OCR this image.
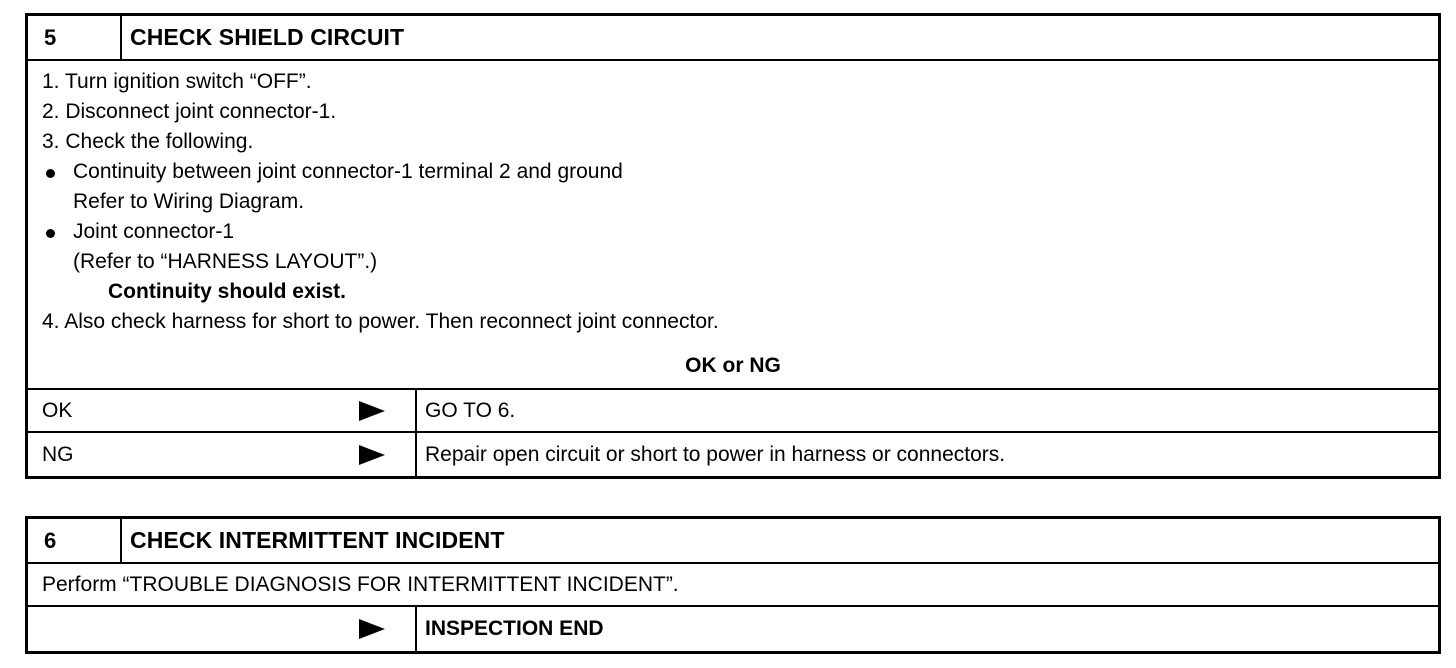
5	CHECK SHIELD CIRCUIT
1. Turn ignition switch “OFF”.
2. Disconnect joint connector-1.
3. Check the following.
Continuity between joint connector-1 terminal 2 and ground
Refer to Wiring Diagram.
Joint connector-1
(Refer to “HARNESS LAYOUT”.)
Continuity should exist.
4. Also check harness for short to power. Then reconnect joint connector.
OK or NG
OK	GO TO 6.
NG	Repair open circuit or short to power in harness or connectors.
6	CHECK INTERMITTENT INCIDENT
Perform “TROUBLE DIAGNOSIS FOR INTERMITTENT INCIDENT”.
INSPECTION END
